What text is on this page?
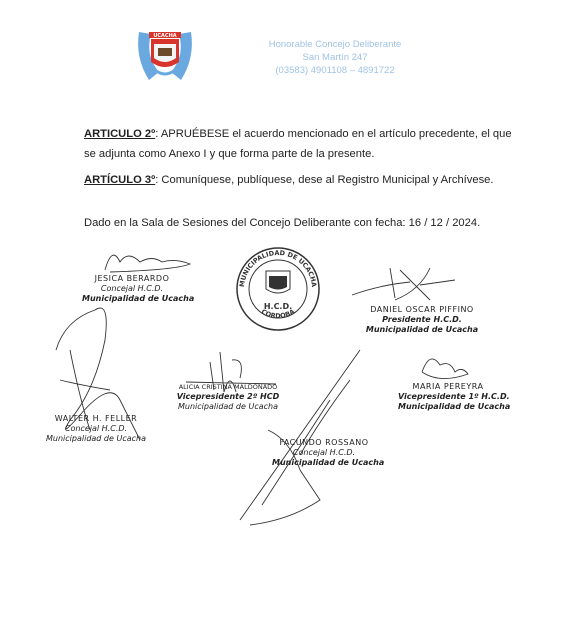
UCACHA
Honorable Concejo Deliberante
San Martín 247
(03583) 4901108 – 4891722
ARTICULO 2º: APRUÉBESE el acuerdo mencionado en el artículo precedente, el que se adjunta como Anexo I y que forma parte de la presente.
ARTÍCULO 3º: Comuníquese, publíquese, dese al Registro Municipal y Archívese.
Dado en la Sala de Sesiones del Concejo Deliberante con fecha: 16 / 12 / 2024.
MUNICIPALIDAD DE UCACHA
CORDOBA
H.C.D.
JESICA BERARDO
Concejal H.C.D.
Municipalidad de Ucacha
DANIEL OSCAR PIFFINO
Presidente H.C.D.
Municipalidad de Ucacha
ALICIA CRISTINA MALDONADO
Vicepresidente 2º HCD
Municipalidad de Ucacha
MARIA PEREYRA
Vicepresidente 1º H.C.D.
Municipalidad de Ucacha
WALTER H. FELLER
Concejal H.C.D.
Municipalidad de Ucacha	FACUNDO ROSSANO
Concejal H.C.D.
Municipalidad de Ucacha
